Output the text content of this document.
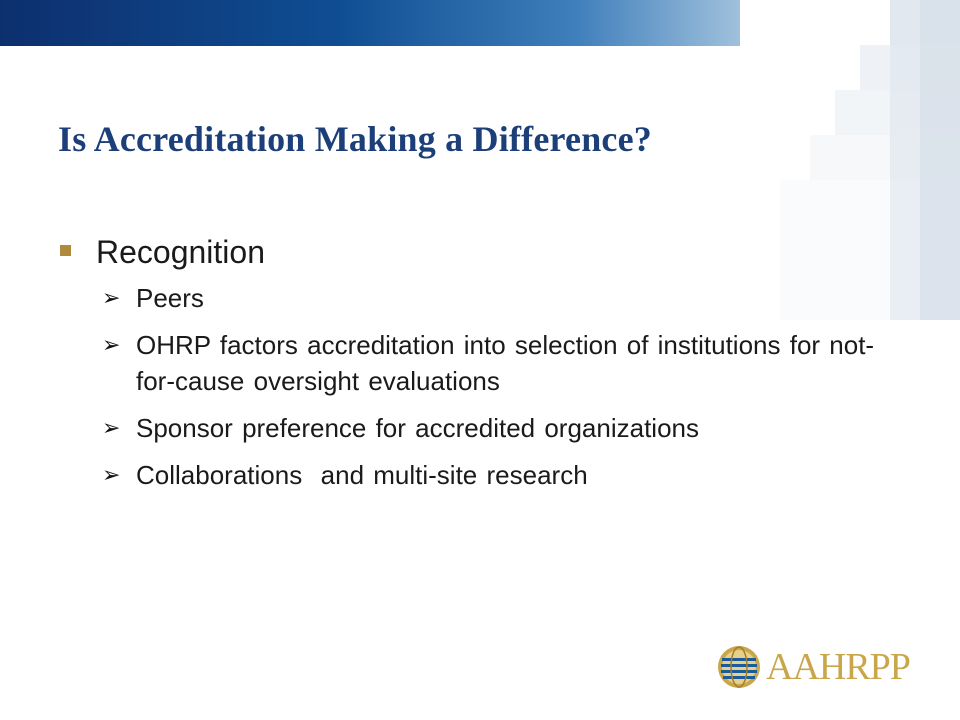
Is Accreditation Making a Difference?
Recognition
➢ Peers
➢ OHRP factors accreditation into selection of institutions for not-for-cause oversight evaluations
➢ Sponsor preference for accredited organizations
➢ Collaborations  and multi-site research
AAHRPP
